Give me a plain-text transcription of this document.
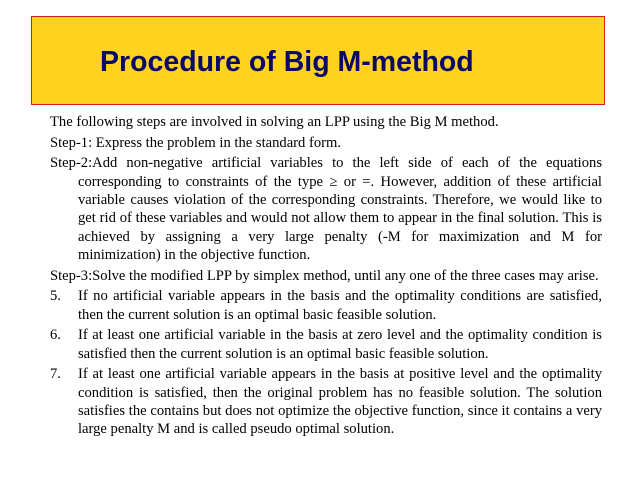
Procedure of Big M-method

The following steps are involved in solving an LPP using the Big M method.

Step-1: Express the problem in the standard form.

Step-2:Add non-negative artificial variables to the left side of each of the equations corresponding to constraints of the type ≥ or =. However, addition of these artificial variable causes violation of the corresponding constraints. Therefore, we would like to get rid of these variables and would not allow them to appear in the final solution. This is achieved by assigning a very large penalty (-M for maximization and M for minimization) in the objective function.

Step-3:Solve the modified LPP by simplex method, until any one of the three cases may arise.

5. If no artificial variable appears in the basis and the optimality conditions are satisfied, then the current solution is an optimal basic feasible solution.
6. If at least one artificial variable in the basis at zero level and the optimality condition is satisfied then the current solution is an optimal basic feasible solution.
7. If at least one artificial variable appears in the basis at positive level and the optimality condition is satisfied, then the original problem has no feasible solution. The solution satisfies the contains but does not optimize the objective function, since it contains a very large penalty M and is called pseudo optimal solution.
